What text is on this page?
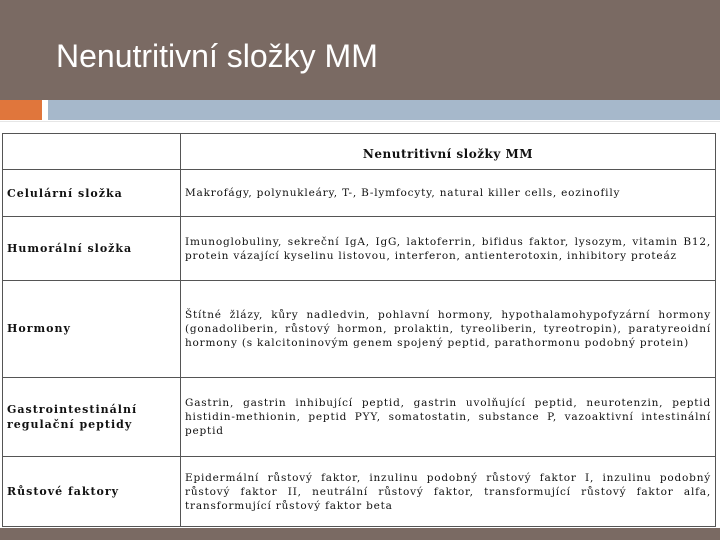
Nenutritivní složky MM
	Nenutritivní složky MM
Celulární složka	Makrofágy, polynukleáry, T-, B-lymfocyty, natural killer cells, eozinofily
Humorální složka	Imunoglobuliny, sekreční IgA, IgG, laktoferrin, bifidus faktor, lysozym, vitamin B12, protein vázající kyselinu listovou, interferon, antienterotoxin, inhibitory proteáz
Hormony	Štítné žlázy, kůry nadledvin, pohlavní hormony, hypothalamohypofyzární hormony (gonadoliberin, růstový hormon, prolaktin, tyreoliberin, tyreotropin), paratyreoidní hormony (s kalcitoninovým genem spojený peptid, parathormonu podobný protein)
Gastrointestinální regulační peptidy	Gastrin, gastrin inhibující peptid, gastrin uvolňující peptid, neurotenzin, peptid histidin-methionin, peptid PYY, somatostatin, substance P, vazoaktivní intestinální peptid
Růstové faktory	Epidermální růstový faktor, inzulinu podobný růstový faktor I, inzulinu podobný růstový faktor II, neutrální růstový faktor, transformující růstový faktor alfa, transformující růstový faktor beta
